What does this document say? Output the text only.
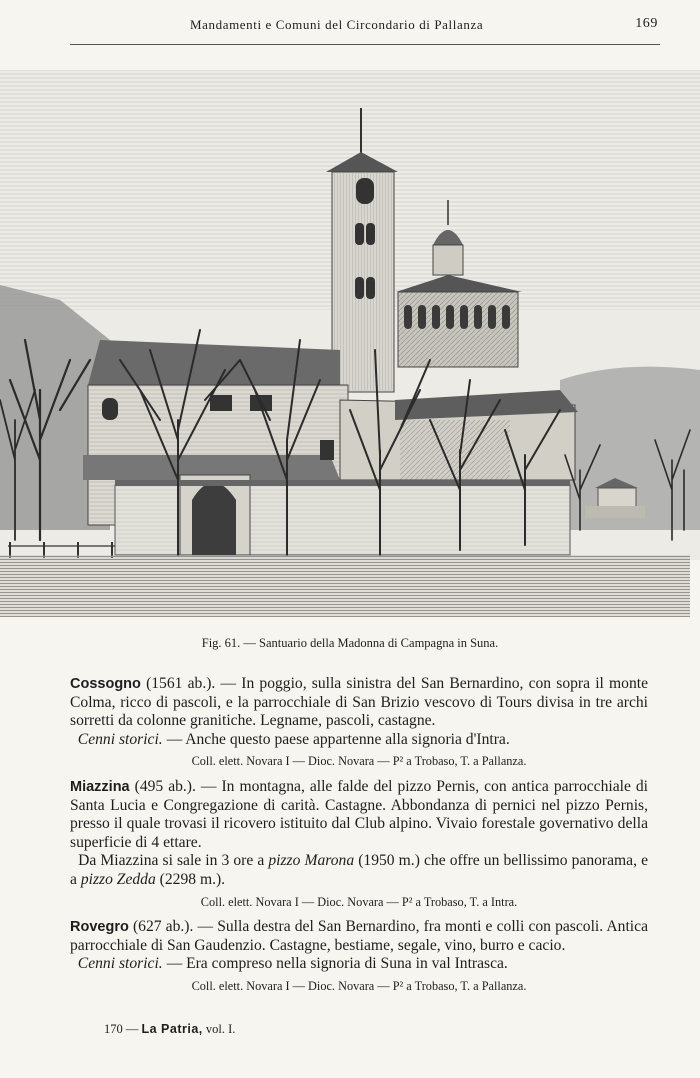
Mandamenti e Comuni del Circondario di Pallanza	169
Fig. 61. — Santuario della Madonna di Campagna in Suna.

Cossogno (1561 ab.). — In poggio, sulla sinistra del San Bernardino, con sopra il monte Colma, ricco di pascoli, e la parrocchiale di San Brizio vescovo di Tours divisa in tre archi sorretti da colonne granitiche. Legname, pascoli, castagne.

Cenni storici. — Anche questo paese appartenne alla signoria d'Intra.

Coll. elett. Novara I — Dioc. Novara — P² a Trobaso, T. a Pallanza.

Miazzina (495 ab.). — In montagna, alle falde del pizzo Pernis, con antica parrocchiale di Santa Lucia e Congregazione di carità. Castagne. Abbondanza di pernici nel pizzo Pernis, presso il quale trovasi il ricovero istituito dal Club alpino. Vivaio forestale governativo della superficie di 4 ettare.

Da Miazzina si sale in 3 ore a pizzo Marona (1950 m.) che offre un bellissimo panorama, e a pizzo Zedda (2298 m.).

Coll. elett. Novara I — Dioc. Novara — P² a Trobaso, T. a Intra.

Rovegro (627 ab.). — Sulla destra del San Bernardino, fra monti e colli con pascoli. Antica parrocchiale di San Gaudenzio. Castagne, bestiame, segale, vino, burro e cacio.

Cenni storici. — Era compreso nella signoria di Suna in val Intrasca.

Coll. elett. Novara I — Dioc. Novara — P² a Trobaso, T. a Pallanza.

170 — La Patria, vol. I.
